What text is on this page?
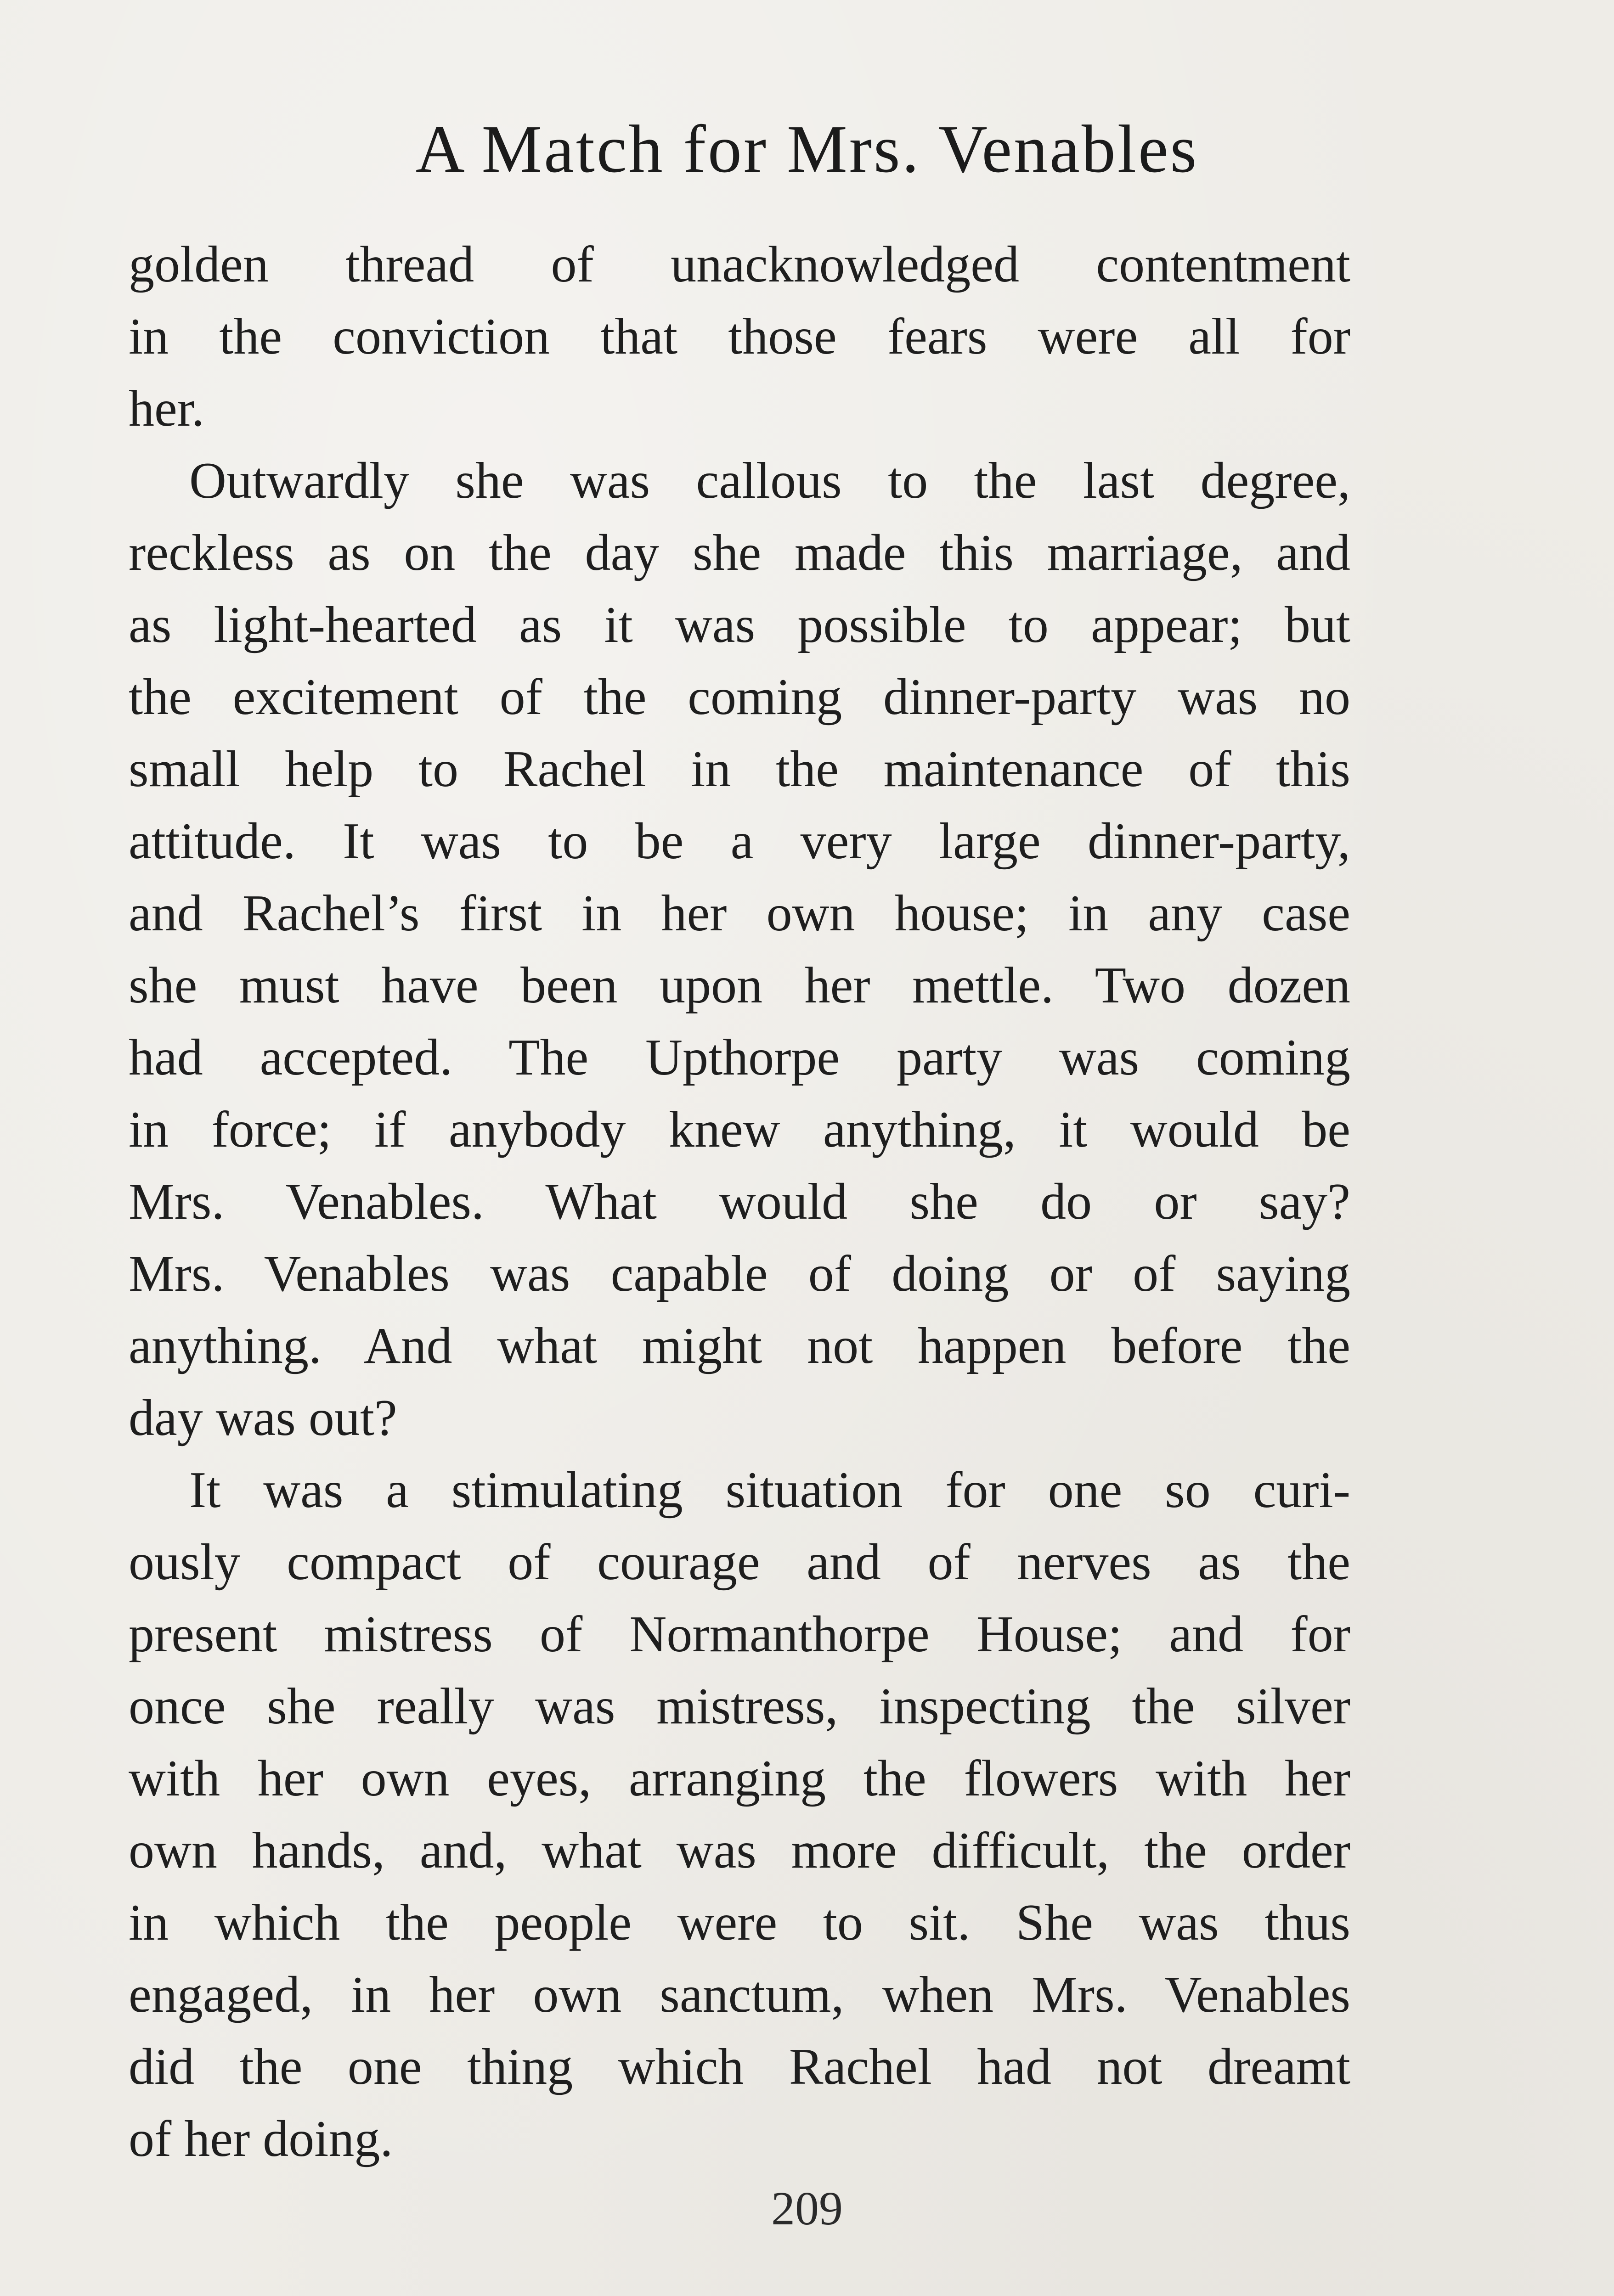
A Match for Mrs. Venables
golden thread of unacknowledged contentment
in the conviction that those fears were all for
her.
Outwardly she was callous to the last degree,
reckless as on the day she made this marriage, and
as light-hearted as it was possible to appear; but
the excitement of the coming dinner-party was no
small help to Rachel in the maintenance of this
attitude. It was to be a very large dinner-party,
and Rachel’s first in her own house; in any case
she must have been upon her mettle. Two dozen
had accepted. The Upthorpe party was coming
in force; if anybody knew anything, it would be
Mrs. Venables. What would she do or say?
Mrs. Venables was capable of doing or of saying
anything. And what might not happen before the
day was out?
It was a stimulating situation for one so curi-
ously compact of courage and of nerves as the
present mistress of Normanthorpe House; and for
once she really was mistress, inspecting the silver
with her own eyes, arranging the flowers with her
own hands, and, what was more difficult, the order
in which the people were to sit. She was thus
engaged, in her own sanctum, when Mrs. Venables
did the one thing which Rachel had not dreamt
of her doing.
209
